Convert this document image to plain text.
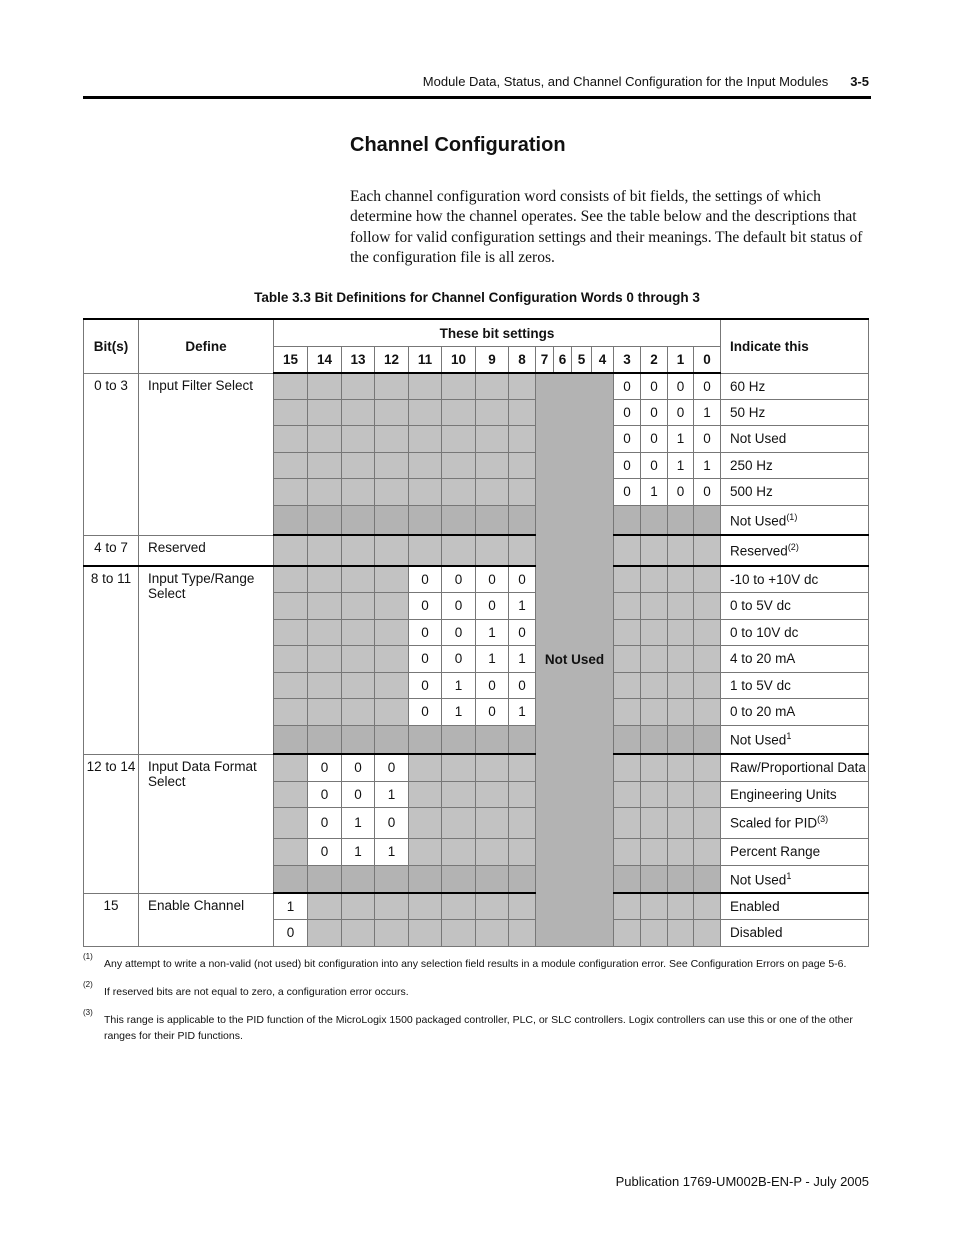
Module Data, Status, and Channel Configuration for the Input Modules 3-5
Channel Configuration

Each channel configuration word consists of bit fields, the settings of which determine how the channel operates. See the table below and the descriptions that follow for valid configuration settings and their meanings. The default bit status of the configuration file is all zeros.

Table 3.3 Bit Definitions for Channel Configuration Words 0 through 3
Bit(s)	Define	These bit settings																Indicate this
		15	14	13	12	11	10	9	8	7	6	5	4	3	2	1	0	
0 to 3	Input Filter Select									Not Used				0	0	0	0	60 Hz
														0	0	0	1	50 Hz
														0	0	1	0	Not Used
														0	0	1	1	250 Hz
														0	1	0	0	500 Hz
																		Not Used$^{(1)}$
4 to 7	Reserved																	Reserved$^{(2)}$
8 to 11	Input Type/Range Select					0	0	0	0									-10 to +10V dc
						0	0	0	1									0 to 5V dc
						0	0	1	0									0 to 10V dc
						0	0	1	1									4 to 20 mA
						0	1	0	0									1 to 5V dc
						0	1	0	1									0 to 20 mA
																		Not Used$^1$
12 to 14	Input Data Format Select		0	0	0													Raw/Proportional Data
			0	0	1													Engineering Units
			0	1	0													Scaled for PID$^{(3)}$
			0	1	1													Percent Range
																		Not Used$^1$
15	Enable Channel	1																Enabled
		0																Disabled
(1)
Any attempt to write a non-valid (not used) bit configuration into any selection field results in a module configuration error. See Configuration Errors on page 5-6.
(2)
If reserved bits are not equal to zero, a configuration error occurs.
(3)
This range is applicable to the PID function of the MicroLogix 1500 packaged controller, PLC, or SLC controllers. Logix controllers can use this or one of the other ranges for their PID functions.
Publication 1769-UM002B-EN-P - July 2005
